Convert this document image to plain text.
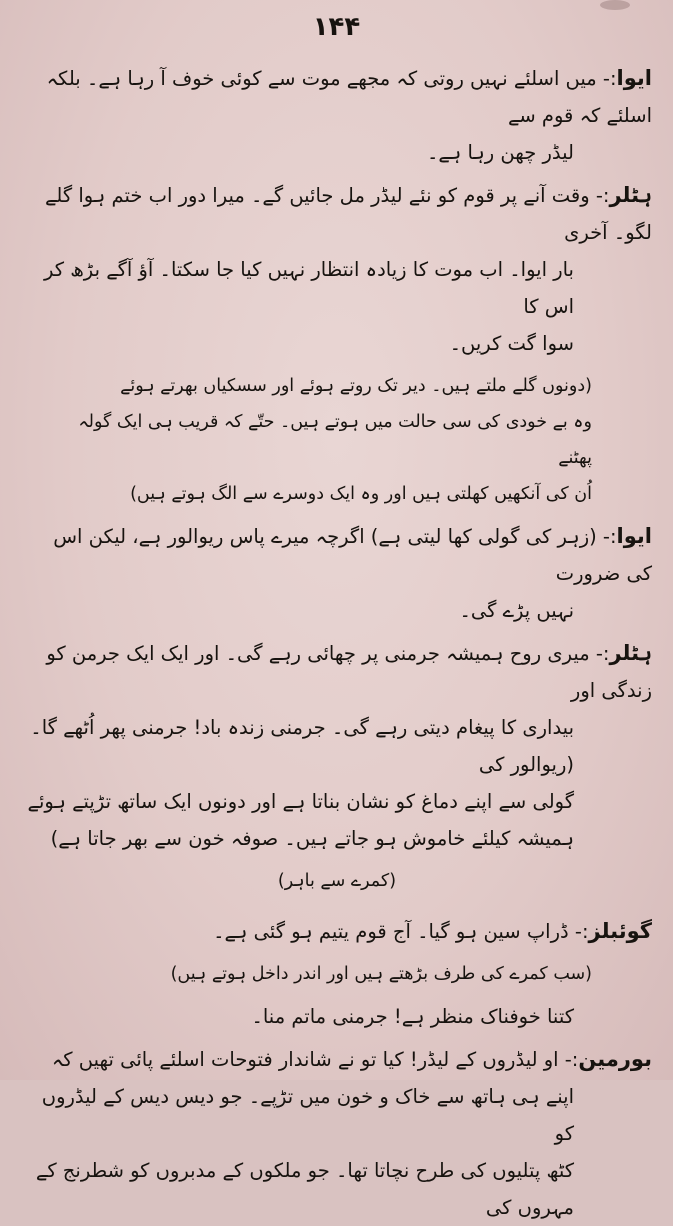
۱۴۴

ایوا:- میں اسلئے نہیں روتی کہ مجھے موت سے کوئی خوف آ رہا ہے۔ بلکہ اسلئے کہ قوم سے

لیڈر چھن رہا ہے۔

ہٹلر:- وقت آنے پر قوم کو نئے لیڈر مل جائیں گے۔ میرا دور اب ختم ہوا گلے لگو۔ آخری

بار ایوا۔ اب موت کا زیادہ انتظار نہیں کیا جا سکتا۔ آؤ آگے بڑھ کر اس کا

سوا گت کریں۔

(دونوں گلے ملتے ہیں۔ دیر تک روتے ہوئے اور سسکیاں بھرتے ہوئے

وہ بے خودی کی سی حالت میں ہوتے ہیں۔ حتّے کہ قریب ہی ایک گولہ پھٹنے

اُن کی آنکھیں کھلتی ہیں اور وہ ایک دوسرے سے الگ ہوتے ہیں)

ایوا:- (زہر کی گولی کھا لیتی ہے) اگرچہ میرے پاس ریوالور ہے، لیکن اس کی ضرورت

نہیں پڑے گی۔

ہٹلر:- میری روح ہمیشہ جرمنی پر چھائی رہے گی۔ اور ایک ایک جرمن کو زندگی اور

بیداری کا پیغام دیتی رہے گی۔ جرمنی زندہ باد! جرمنی پھر اُٹھے گا۔ (ریوالور کی

گولی سے اپنے دماغ کو نشان بناتا ہے اور دونوں ایک ساتھ تڑپتے ہوئے

ہمیشہ کیلئے خاموش ہو جاتے ہیں۔ صوفہ خون سے بھر جاتا ہے)

(کمرے سے باہر)

گوئبلز:- ڈراپ سین ہو گیا۔ آج قوم یتیم ہو گئی ہے۔

(سب کمرے کی طرف بڑھتے ہیں اور اندر داخل ہوتے ہیں)

کتنا خوفناک منظر ہے! جرمنی ماتم منا۔

بورمین:- او لیڈروں کے لیڈر! کیا تو نے شاندار فتوحات اسلئے پائی تھیں کہ

اپنے ہی ہاتھ سے خاک و خون میں تڑپے۔ جو دیس دیس کے لیڈروں کو

کٹھ پتلیوں کی طرح نچاتا تھا۔ جو ملکوں کے مدبروں کو شطرنج کے مہروں کی
